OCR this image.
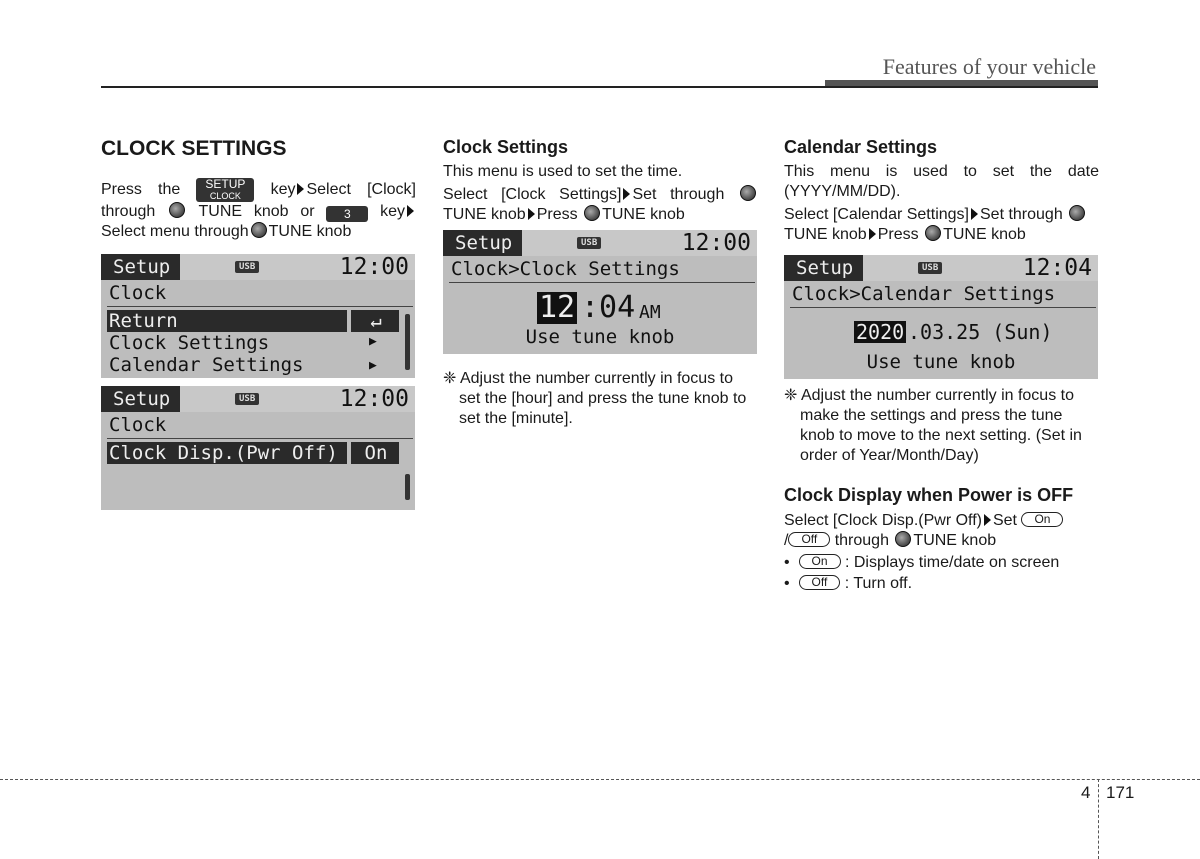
Features of your vehicle

CLOCK SETTINGS

Press the SETUP
CLOCK key Select [Clock] through	TUNE knob or 3 key Select menu through TUNE knob

Setup	USB	12:00
Clock
Return	↵
Clock Settings	▶
Calendar Settings	▶
Setup	USB	12:00
Clock
Clock Disp.(Pwr Off)	On

Clock Settings

This menu is used to set the time.

Select [Clock Settings] Set through  TUNE knob Press TUNE knob

Setup	USB	12:00
Clock>Clock Settings
12 :04 AM
Use tune knob

❈ Adjust the number currently in focus to set the [hour] and press the tune knob to set the [minute].

Calendar Settings

This menu is used to set the date (YYYY/MM/DD).

Select [Calendar Settings] Set through  TUNE knob Press TUNE knob

Setup	USB	12:04
Clock>Calendar Settings
2020 .03.25 (Sun)
Use tune knob

❈ Adjust the number currently in focus to make the settings and press the tune knob to move to the next setting. (Set in order of Year/Month/Day)

Clock Display when Power is OFF

Select [Clock Disp.(Pwr Off) Set On
/ Off through TUNE knob

•  On : Displays time/date on screen

•  Off : Turn off.

4 171
